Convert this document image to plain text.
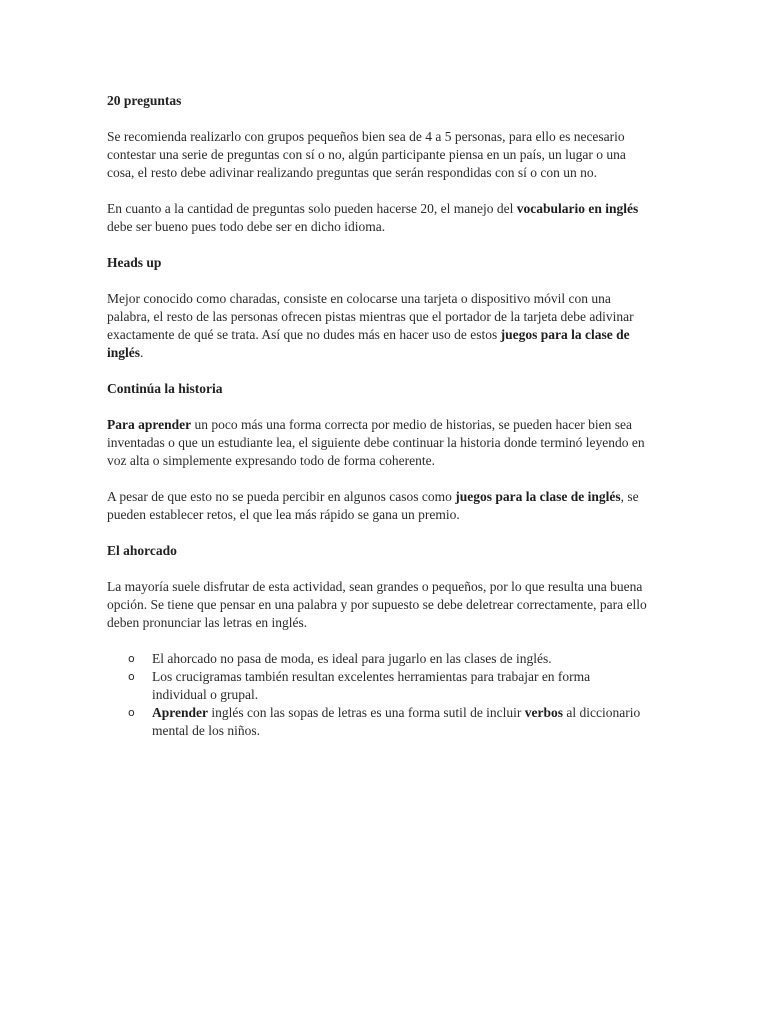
20 preguntas

Se recomienda realizarlo con grupos pequeños bien sea de 4 a 5 personas, para ello es necesario contestar una serie de preguntas con sí o no, algún participante piensa en un país, un lugar o una cosa, el resto debe adivinar realizando preguntas que serán respondidas con sí o con un no.

En cuanto a la cantidad de preguntas solo pueden hacerse 20, el manejo del vocabulario en inglés debe ser bueno pues todo debe ser en dicho idioma.

Heads up

Mejor conocido como charadas, consiste en colocarse una tarjeta o dispositivo móvil con una palabra, el resto de las personas ofrecen pistas mientras que el portador de la tarjeta debe adivinar exactamente de qué se trata. Así que no dudes más en hacer uso de estos juegos para la clase de inglés.

Continúa la historia

Para aprender un poco más una forma correcta por medio de historias, se pueden hacer bien sea inventadas o que un estudiante lea, el siguiente debe continuar la historia donde terminó leyendo en voz alta o simplemente expresando todo de forma coherente.

A pesar de que esto no se pueda percibir en algunos casos como juegos para la clase de inglés, se pueden establecer retos, el que lea más rápido se gana un premio.

El ahorcado

La mayoría suele disfrutar de esta actividad, sean grandes o pequeños, por lo que resulta una buena opción. Se tiene que pensar en una palabra y por supuesto se debe deletrear correctamente, para ello deben pronunciar las letras en inglés.

o El ahorcado no pasa de moda, es ideal para jugarlo en las clases de inglés.
o Los crucigramas también resultan excelentes herramientas para trabajar en forma individual o grupal.
o Aprender inglés con las sopas de letras es una forma sutil de incluir verbos al diccionario mental de los niños.
